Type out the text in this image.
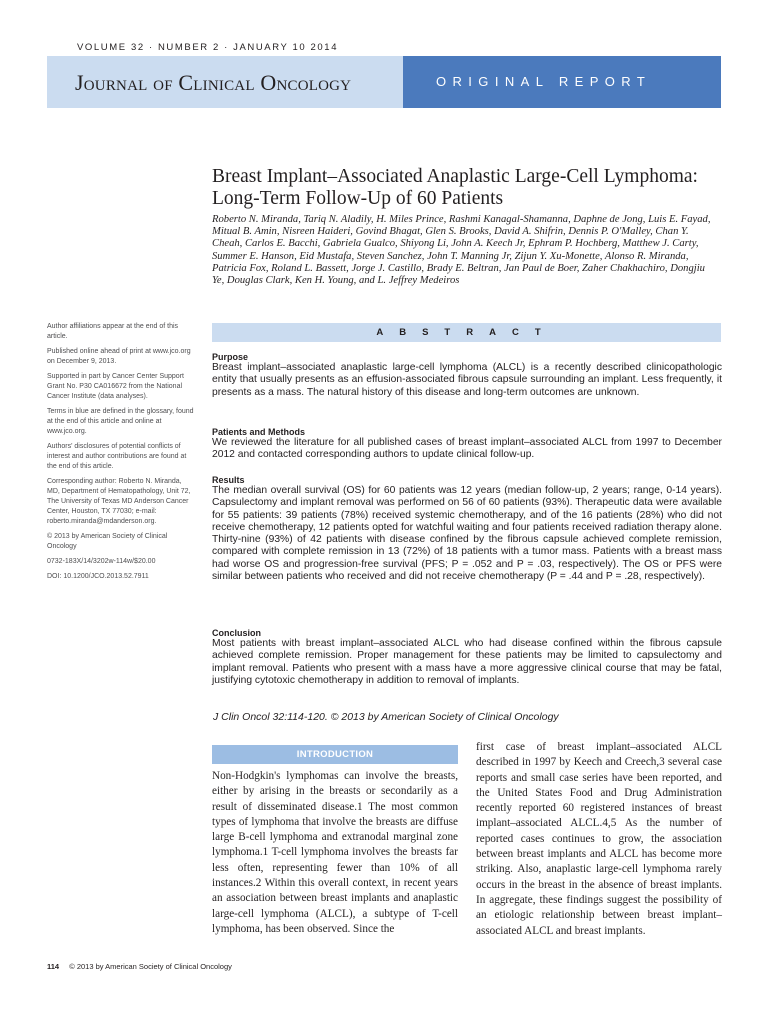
VOLUME 32 · NUMBER 2 · JANUARY 10 2014
Journal of Clinical Oncology	ORIGINAL REPORT
Breast Implant–Associated Anaplastic Large-Cell Lymphoma: Long-Term Follow-Up of 60 Patients
Roberto N. Miranda, Tariq N. Aladily, H. Miles Prince, Rashmi Kanagal-Shamanna, Daphne de Jong, Luis E. Fayad, Mitual B. Amin, Nisreen Haideri, Govind Bhagat, Glen S. Brooks, David A. Shifrin, Dennis P. O'Malley, Chan Y. Cheah, Carlos E. Bacchi, Gabriela Gualco, Shiyong Li, John A. Keech Jr, Ephram P. Hochberg, Matthew J. Carty, Summer E. Hanson, Eid Mustafa, Steven Sanchez, John T. Manning Jr, Zijun Y. Xu-Monette, Alonso R. Miranda, Patricia Fox, Roland L. Bassett, Jorge J. Castillo, Brady E. Beltran, Jan Paul de Boer, Zaher Chakhachiro, Dongjiu Ye, Douglas Clark, Ken H. Young, and L. Jeffrey Medeiros

Author affiliations appear at the end of this article.

Published online ahead of print at www.jco.org on December 9, 2013.

Supported in part by Cancer Center Support Grant No. P30 CA016672 from the National Cancer Institute (data analyses).

Terms in blue are defined in the glossary, found at the end of this article and online at www.jco.org.

Authors' disclosures of potential conflicts of interest and author contributions are found at the end of this article.

Corresponding author: Roberto N. Miranda, MD, Department of Hematopathology, Unit 72, The University of Texas MD Anderson Cancer Center, Houston, TX 77030; e-mail: roberto.miranda@mdanderson.org.

© 2013 by American Society of Clinical Oncology

0732-183X/14/3202w-114w/$20.00

DOI: 10.1200/JCO.2013.52.7911

ABSTRACT
Purpose
Breast implant–associated anaplastic large-cell lymphoma (ALCL) is a recently described clinicopathologic entity that usually presents as an effusion-associated fibrous capsule surrounding an implant. Less frequently, it presents as a mass. The natural history of this disease and long-term outcomes are unknown.
Patients and Methods
We reviewed the literature for all published cases of breast implant–associated ALCL from 1997 to December 2012 and contacted corresponding authors to update clinical follow-up.
Results
The median overall survival (OS) for 60 patients was 12 years (median follow-up, 2 years; range, 0-14 years). Capsulectomy and implant removal was performed on 56 of 60 patients (93%). Therapeutic data were available for 55 patients: 39 patients (78%) received systemic chemotherapy, and of the 16 patients (28%) who did not receive chemotherapy, 12 patients opted for watchful waiting and four patients received radiation therapy alone. Thirty-nine (93%) of 42 patients with disease confined by the fibrous capsule achieved complete remission, compared with complete remission in 13 (72%) of 18 patients with a tumor mass. Patients with a breast mass had worse OS and progression-free survival (PFS; P = .052 and P = .03, respectively). The OS or PFS were similar between patients who received and did not receive chemotherapy (P = .44 and P = .28, respectively).
Conclusion
Most patients with breast implant–associated ALCL who had disease confined within the fibrous capsule achieved complete remission. Proper management for these patients may be limited to capsulectomy and implant removal. Patients who present with a mass have a more aggressive clinical course that may be fatal, justifying cytotoxic chemotherapy in addition to removal of implants.
J Clin Oncol 32:114-120. © 2013 by American Society of Clinical Oncology
INTRODUCTION
Non-Hodgkin's lymphomas can involve the breasts, either by arising in the breasts or secondarily as a result of disseminated disease.1 The most common types of lymphoma that involve the breasts are diffuse large B-cell lymphoma and extranodal marginal zone lymphoma.1 T-cell lymphoma involves the breasts far less often, representing fewer than 10% of all instances.2 Within this overall context, in recent years an association between breast implants and anaplastic large-cell lymphoma (ALCL), a subtype of T-cell lymphoma, has been observed. Since the
first case of breast implant–associated ALCL described in 1997 by Keech and Creech,3 several case reports and small case series have been reported, and the United States Food and Drug Administration recently reported 60 registered instances of breast implant–associated ALCL.4,5 As the number of reported cases continues to grow, the association between breast implants and ALCL has become more striking. Also, anaplastic large-cell lymphoma rarely occurs in the breast in the absence of breast implants. In aggregate, these findings suggest the possibility of an etiologic relationship between breast implant–associated ALCL and breast implants.
114 © 2013 by American Society of Clinical Oncology
